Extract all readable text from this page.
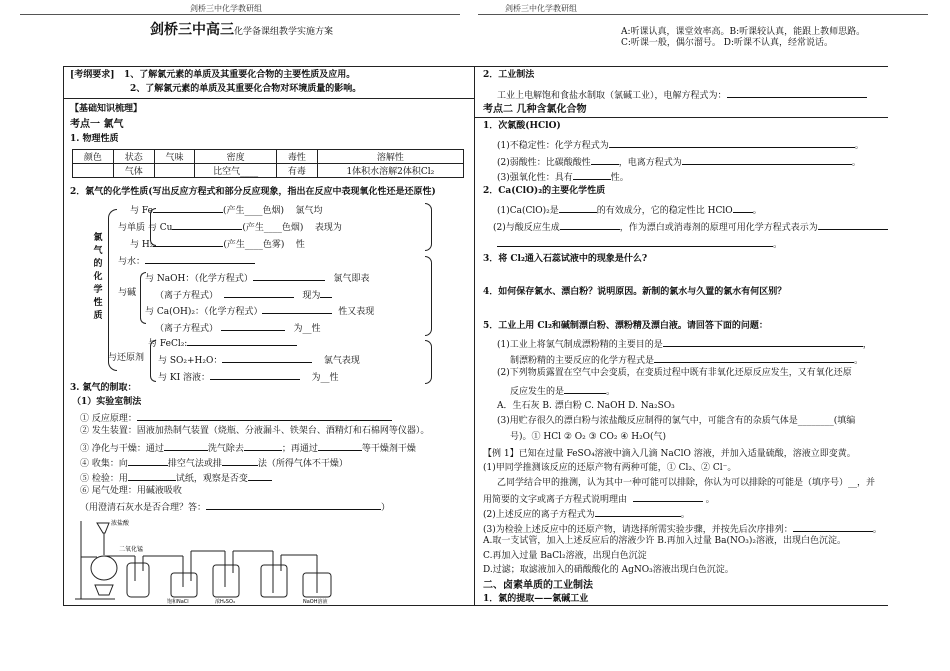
剑桥三中化学教研组	剑桥三中化学教研组
剑桥三中高三化学备课组教学实施方案	A:听课认真，课堂效率高。B:听课较认真，能跟上教师思路。
C:听课一般，偶尔溜号。 D:听课不认真，经常说话。
[考纲要求] 1、了解氯元素的单质及其重要化合物的主要性质及应用。
2、了解氯元素的单质及其重要化合物对环境质量的影响。
【基础知识梳理】
考点一 氯气
1. 物理性质
颜色	状态	气味	密度	毒性	溶解性
	气体		比空气____	有毒	1体积水溶解2体积Cl₂
2．氯气的化学性质(写出反应方程式和部分反应现象，指出在反应中表现氧化性还是还原性)
氯
气
的
化
学
性
质
与 Fe	(产生____色烟) 氯气均
与单质 与 Cu	(产生____色烟) 表现为
与 H₂	(产生____色雾) 性
与水：
与 NaOH：（化学方程式）	氯气即表
与碱 （离子方程式）	现为
与 Ca(OH)₂：（化学方程式）	性又表现
（离子方程式）	为__性
与 FeCl₂:
与还原剂 与 SO₂+H₂O：	氯气表现
与 KI 溶液：	为__性
3. 氯气的制取：
（1）实验室制法
① 反应原理：
② 发生装置：固液加热制气装置（烧瓶、分液漏斗、铁架台、酒精灯和石棉网等仪器）。
③ 净化与干燥：通过	洗气除去	；再通过	等干燥剂干燥
④ 收集：向	排空气法或排	法（所得气体不干燥）
⑤ 检验：用	试纸，观察是否变
⑥ 尾气处理：用碱液吸收
（用澄清石灰水是否合理？答：	）
浓盐酸
二氧化锰
饱和NaCl	浓H₂SO₄	NaOH溶液
2．工业制法
工业上电解饱和食盐水制取（氯碱工业），电解方程式为：
考点二 几种含氯化合物
1．次氯酸(HClO)
(1)不稳定性：化学方程式为	。
(2)弱酸性：比碳酸酸性	，电离方程式为	。
(3)强氧化性：具有	性。
2．Ca(ClO)₂的主要化学性质
(1)Ca(ClO)₂是	的有效成分，它的稳定性比 HClO 。
(2)与酸反应生成	，作为漂白或消毒剂的原理可用化学方程式表示为
。
3．将 Cl₂通入石蕊试液中的现象是什么?
4．如何保存氯水、漂白粉？说明原因。新制的氯水与久置的氯水有何区别？
5．工业上用 Cl₂和碱制漂白粉、漂粉精及漂白液。请回答下面的问题：
(1)工业上将氯气制成漂粉精的主要目的是	，
制漂粉精的主要反应的化学方程式是	。
(2)下列物质露置在空气中会变质，在变质过程中既有非氧化还原反应发生，又有氧化还原
反应发生的是	。
A．生石灰 B. 漂白粉 C. NaOH D. Na₂SO₃
(3)用贮存很久的漂白粉与浓盐酸反应制得的氯气中，可能含有的杂质气体是________(填编
号)。① HCl ② O₂ ③ CO₂ ④ H₂O(气)
【例 1】已知在过量 FeSO₄溶液中滴入几滴 NaClO 溶液，并加入适量硫酸，溶液立即变黄。
(1)甲同学推测该反应的还原产物有两种可能，① Cl₂、② Cl⁻。
乙同学结合甲的推测，认为其中一种可能可以排除，你认为可以排除的可能是（填序号）__，并
用简要的文字或离子方程式说明理由	。
(2)上述反应的离子方程式为	。
(3)为检验上述反应中的还原产物，请选择所需实验步骤，并按先后次序排列：	。
A.取一支试管，加入上述反应后的溶液少许 B.再加入过量 Ba(NO₃)₂溶液，出现白色沉淀。
C.再加入过量 BaCl₂溶液，出现白色沉淀
D.过滤；取滤液加入的硝酸酸化的 AgNO₃溶液出现白色沉淀。
二、卤素单质的工业制法
1．氯的提取——氯碱工业
